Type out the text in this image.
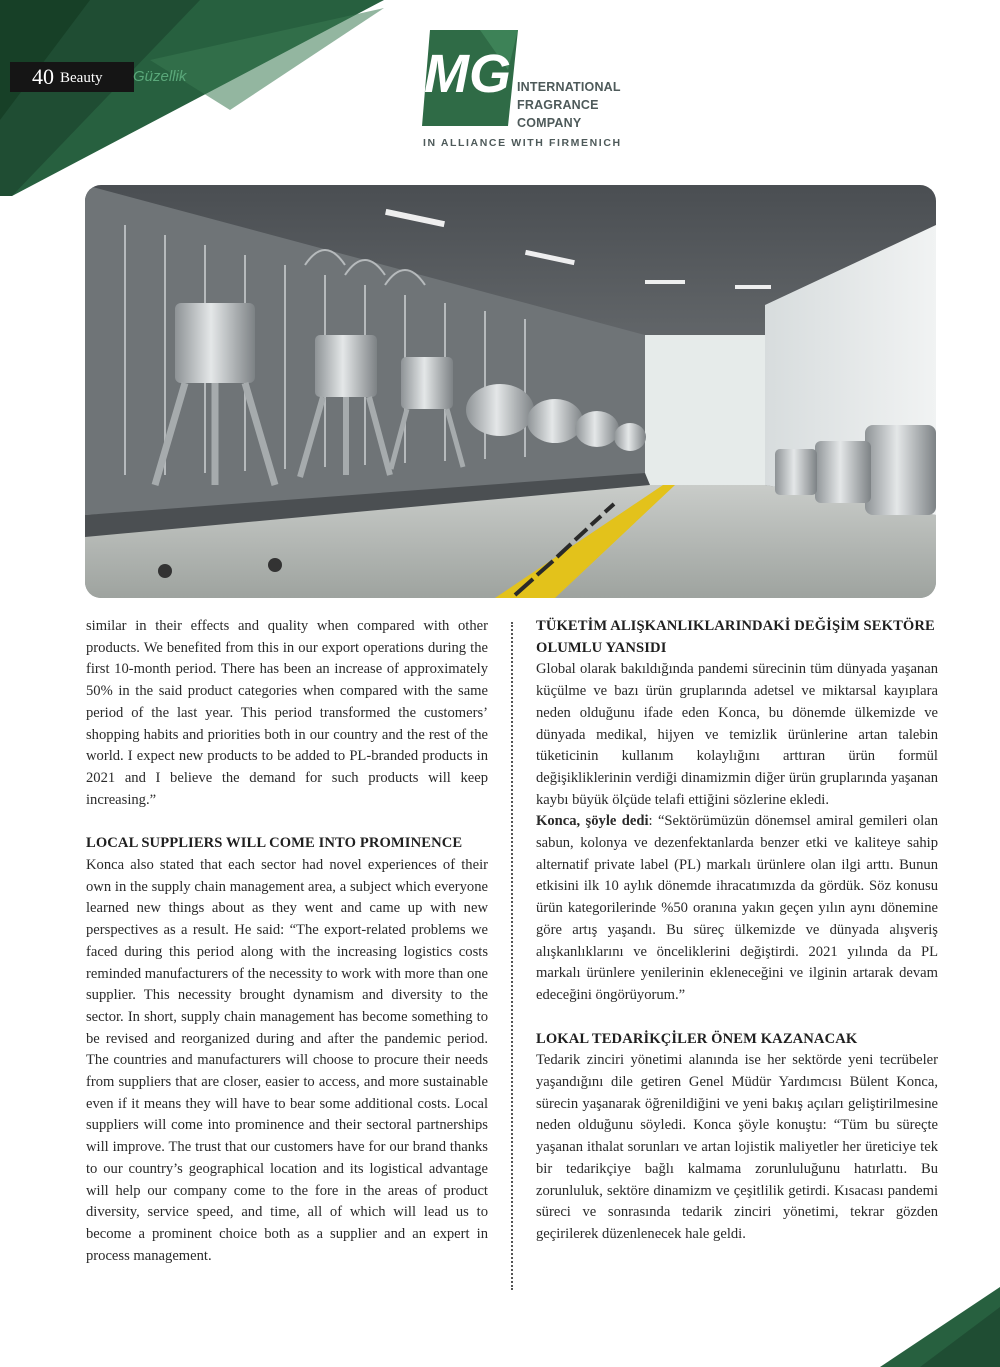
40 Beauty Güzellik	MG INTERNATIONAL
FRAGRANCE
COMPANY
IN ALLIANCE WITH FIRMENICH

similar in their effects and quality when compared with other products. We benefited from this in our export operations during the first 10-month period. There has been an increase of approximately 50% in the said product categories when compared with the same period of the last year. This period transformed the customers’ shopping habits and priorities both in our country and the rest of the world. I expect new products to be added to PL-branded products in 2021 and I believe the demand for such products will keep increasing.”

LOCAL SUPPLIERS WILL COME INTO PROMINENCE

Konca also stated that each sector had novel experiences of their own in the supply chain management area, a subject which everyone learned new things about as they went and came up with new perspectives as a result. He said: “The export-related problems we faced during this period along with the increasing logistics costs reminded manufacturers of the necessity to work with more than one supplier. This necessity brought dynamism and diversity to the sector. In short, supply chain management has become something to be revised and reorganized during and after the pandemic period. The countries and manufacturers will choose to procure their needs from suppliers that are closer, easier to access, and more sustainable even if it means they will have to bear some additional costs. Local suppliers will come into prominence and their sectoral partnerships will improve. The trust that our customers have for our brand thanks to our country’s geographical location and its logistical advantage will help our company come to the fore in the areas of product diversity, service speed, and time, all of which will lead us to become a prominent choice both as a supplier and an expert in process management.

TÜKETİM ALIŞKANLIKLARINDAKİ DEĞİŞİM SEKTÖRE OLUMLU YANSIDI

Global olarak bakıldığında pandemi sürecinin tüm dünyada yaşanan küçülme ve bazı ürün gruplarında adetsel ve miktarsal kayıplara neden olduğunu ifade eden Konca, bu dönemde ülkemizde ve dünyada medikal, hijyen ve temizlik ürünlerine artan talebin tüketicinin kullanım kolaylığını arttıran ürün formül değişikliklerinin verdiği dinamizmin diğer ürün gruplarında yaşanan kaybı büyük ölçüde telafi ettiğini sözlerine ekledi.

Konca, şöyle dedi: “Sektörümüzün dönemsel amiral gemileri olan sabun, kolonya ve dezenfektanlarda benzer etki ve kaliteye sahip alternatif private label (PL) markalı ürünlere olan ilgi arttı. Bunun etkisini ilk 10 aylık dönemde ihracatımızda da gördük. Söz konusu ürün kategorilerinde %50 oranına yakın geçen yılın aynı dönemine göre artış yaşandı. Bu süreç ülkemizde ve dünyada alışveriş alışkanlıklarını ve önceliklerini değiştirdi. 2021 yılında da PL markalı ürünlere yenilerinin ekleneceğini ve ilginin artarak devam edeceğini öngörüyorum.”

LOKAL TEDARİKÇİLER ÖNEM KAZANACAK

Tedarik zinciri yönetimi alanında ise her sektörde yeni tecrübeler yaşandığını dile getiren Genel Müdür Yardımcısı Bülent Konca, sürecin yaşanarak öğrenildiğini ve yeni bakış açıları geliştirilmesine neden olduğunu söyledi. Konca şöyle konuştu: “Tüm bu süreçte yaşanan ithalat sorunları ve artan lojistik maliyetler her üreticiye tek bir tedarikçiye bağlı kalmama zorunluluğunu hatırlattı. Bu zorunluluk, sektöre dinamizm ve çeşitlilik getirdi. Kısacası pandemi süreci ve sonrasında tedarik zinciri yönetimi, tekrar gözden geçirilerek düzenlenecek hale geldi.
